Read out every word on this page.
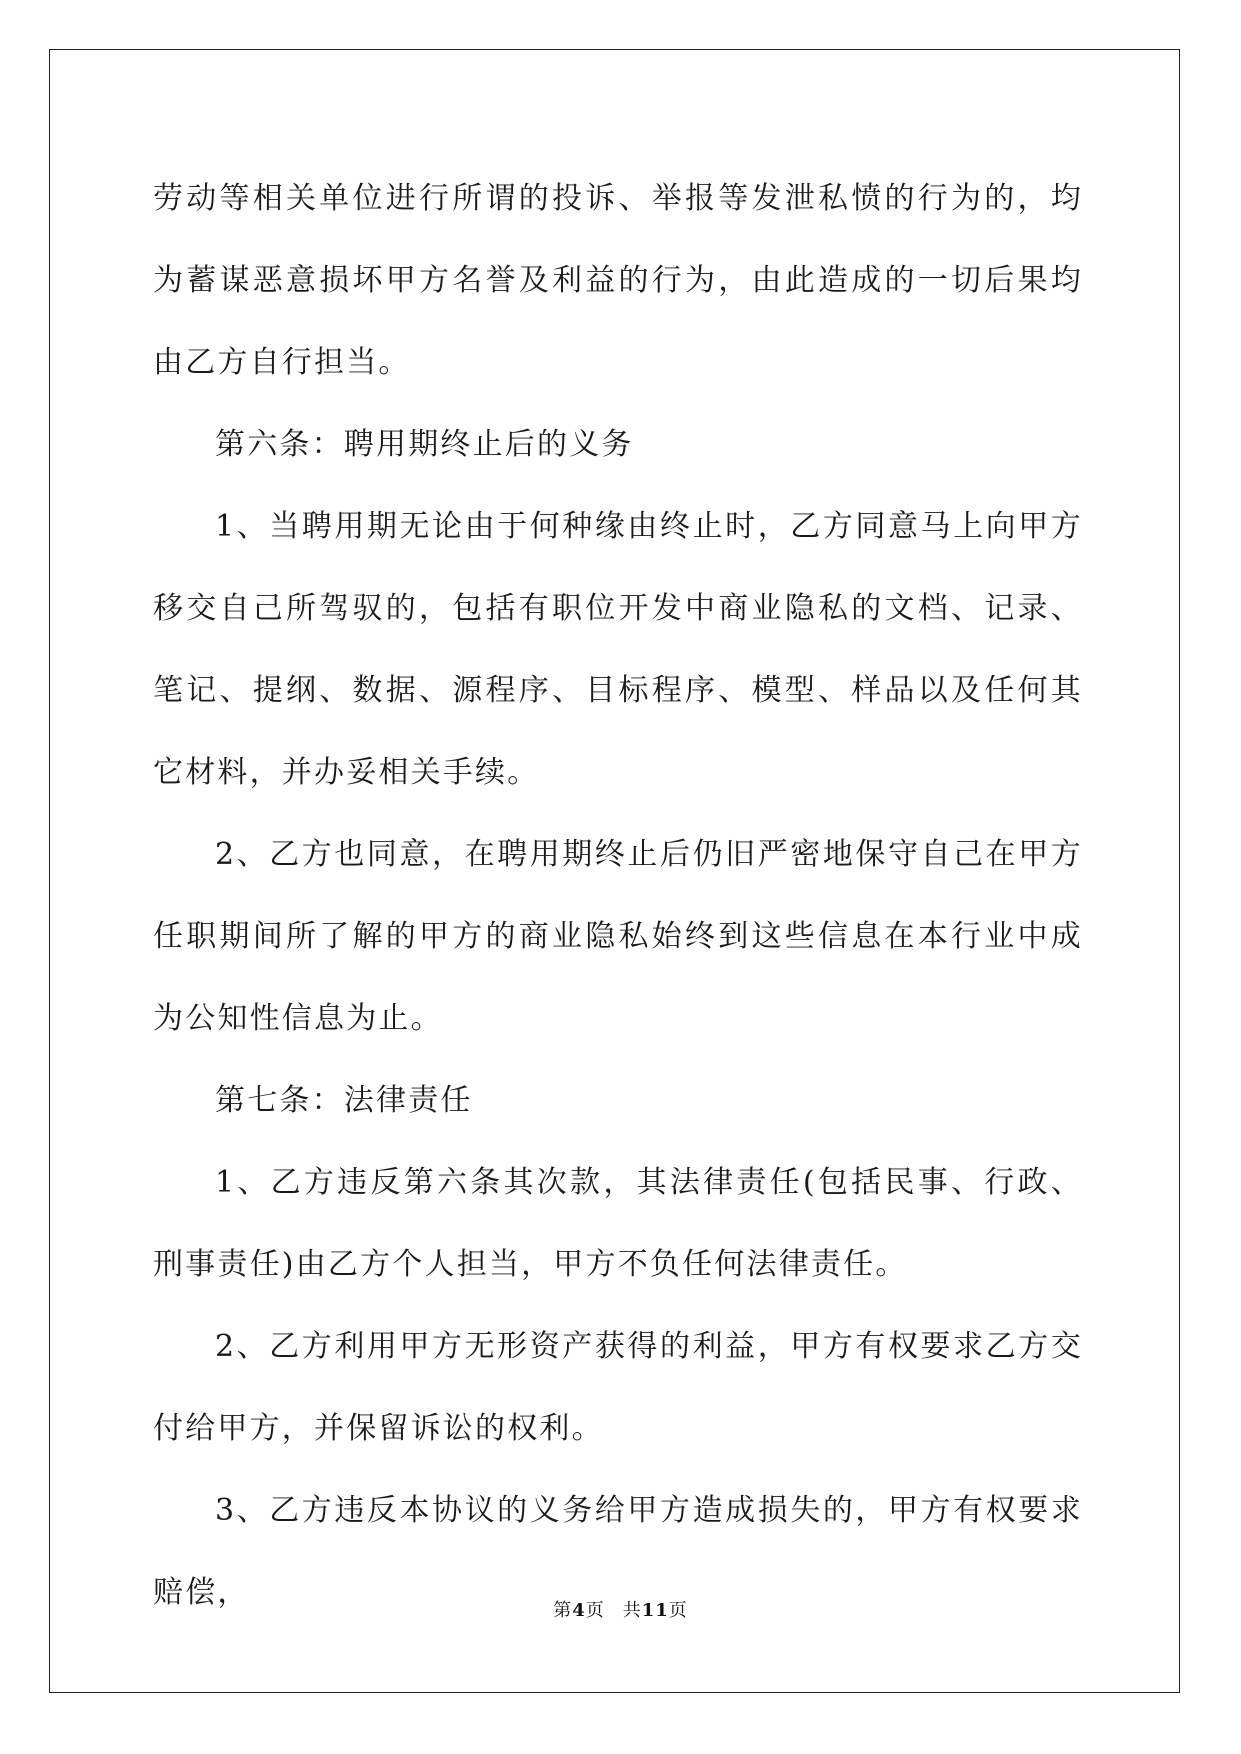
劳动等相关单位进行所谓的投诉、举报等发泄私愤的行为的，均为蓄谋恶意损坏甲方名誉及利益的行为，由此造成的一切后果均由乙方自行担当。

第六条：聘用期终止后的义务

1、当聘用期无论由于何种缘由终止时，乙方同意马上向甲方移交自己所驾驭的，包括有职位开发中商业隐私的文档、记录、笔记、提纲、数据、源程序、目标程序、模型、样品以及任何其它材料，并办妥相关手续。

2、乙方也同意，在聘用期终止后仍旧严密地保守自己在甲方任职期间所了解的甲方的商业隐私始终到这些信息在本行业中成为公知性信息为止。

第七条：法律责任

1、乙方违反第六条其次款，其法律责任(包括民事、行政、刑事责任)由乙方个人担当，甲方不负任何法律责任。

2、乙方利用甲方无形资产获得的利益，甲方有权要求乙方交付给甲方，并保留诉讼的权利。

3、乙方违反本协议的义务给甲方造成损失的，甲方有权要求赔偿，

第4页 共11页
